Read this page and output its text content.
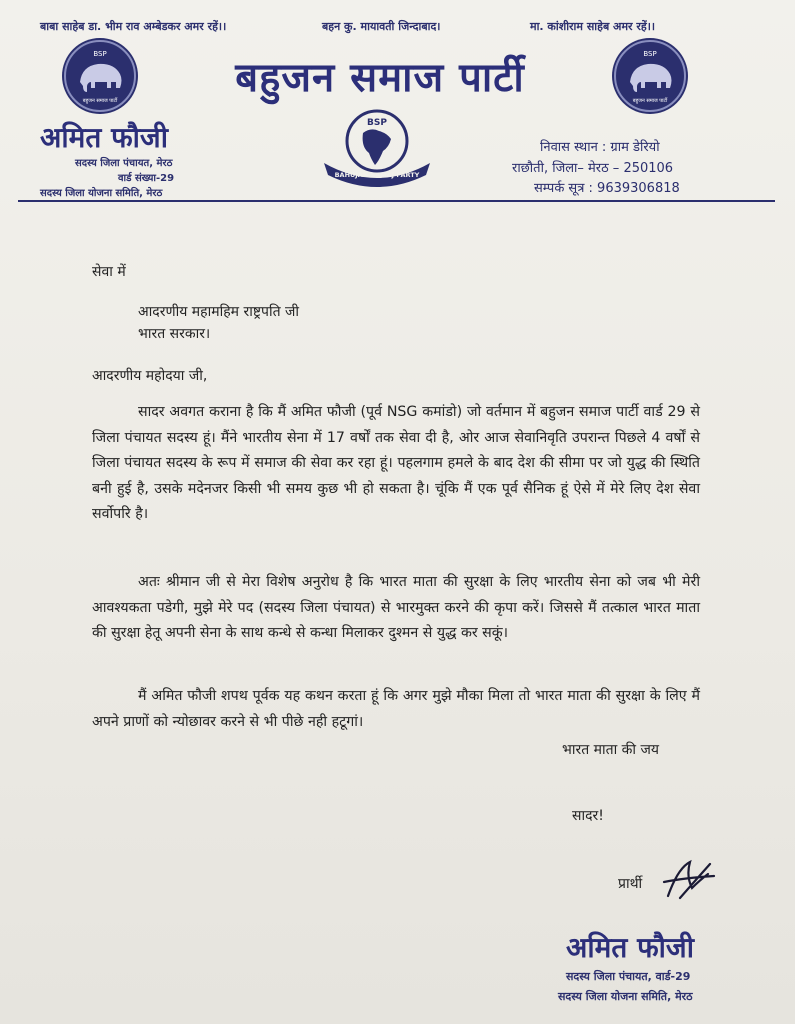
बाबा साहेब डा. भीम राव अम्बेडकर अमर रहें।।	बहन कु. मायावती जिन्दाबाद।	मा. कांशीराम साहेब अमर रहें।।
BSP
बहुजन समाज पार्टी
BSP
बहुजन समाज पार्टी
बहुजन समाज पार्टी
अमित फौजी
सदस्य जिला पंचायत, मेरठ
वार्ड संख्या-29
सदस्य जिला योजना समिति, मेरठ
BSP
BAHUJAN SAMAJ PARTY
निवास स्थान : ग्राम डेरियो
राछौती, जिला– मेरठ – 250106
सम्पर्क सूत्र : 9639306818
सेवा में
आदरणीय महामहिम राष्ट्रपति जी
भारत सरकार।
आदरणीय महोदया जी,
सादर अवगत कराना है कि मैं अमित फौजी (पूर्व NSG कमांडो) जो वर्तमान में बहुजन समाज पार्टी वार्ड 29 से जिला पंचायत सदस्य हूं। मैंने भारतीय सेना में 17 वर्षों तक सेवा दी है, ओर आज सेवानिवृति उपरान्त पिछले 4 वर्षों से जिला पंचायत सदस्य के रूप में समाज की सेवा कर रहा हूं। पहलगाम हमले के बाद देश की सीमा पर जो युद्ध की स्थिति बनी हुई है, उसके मदेनजर किसी भी समय कुछ भी हो सकता है। चूंकि मैं एक पूर्व सैनिक हूं ऐसे में मेरे लिए देश सेवा सर्वोपरि है।
अतः श्रीमान जी से मेरा विशेष अनुरोध है कि भारत माता की सुरक्षा के लिए भारतीय सेना को जब भी मेरी आवश्यकता पडेगी, मुझे मेरे पद (सदस्य जिला पंचायत) से भारमुक्त करने की कृपा करें। जिससे मैं तत्काल भारत माता की सुरक्षा हेतू अपनी सेना के साथ कन्धे से कन्धा मिलाकर दुश्मन से युद्ध कर सकूं।
मैं अमित फौजी शपथ पूर्वक यह कथन करता हूं कि अगर मुझे मौका मिला तो भारत माता की सुरक्षा के लिए मैं अपने प्राणों को न्योछावर करने से भी पीछे नही हटूगां।
भारत माता की जय
सादर!
प्रार्थी
अमित फौजी
सदस्य जिला पंचायत, वार्ड-29
सदस्य जिला योजना समिति, मेरठ
